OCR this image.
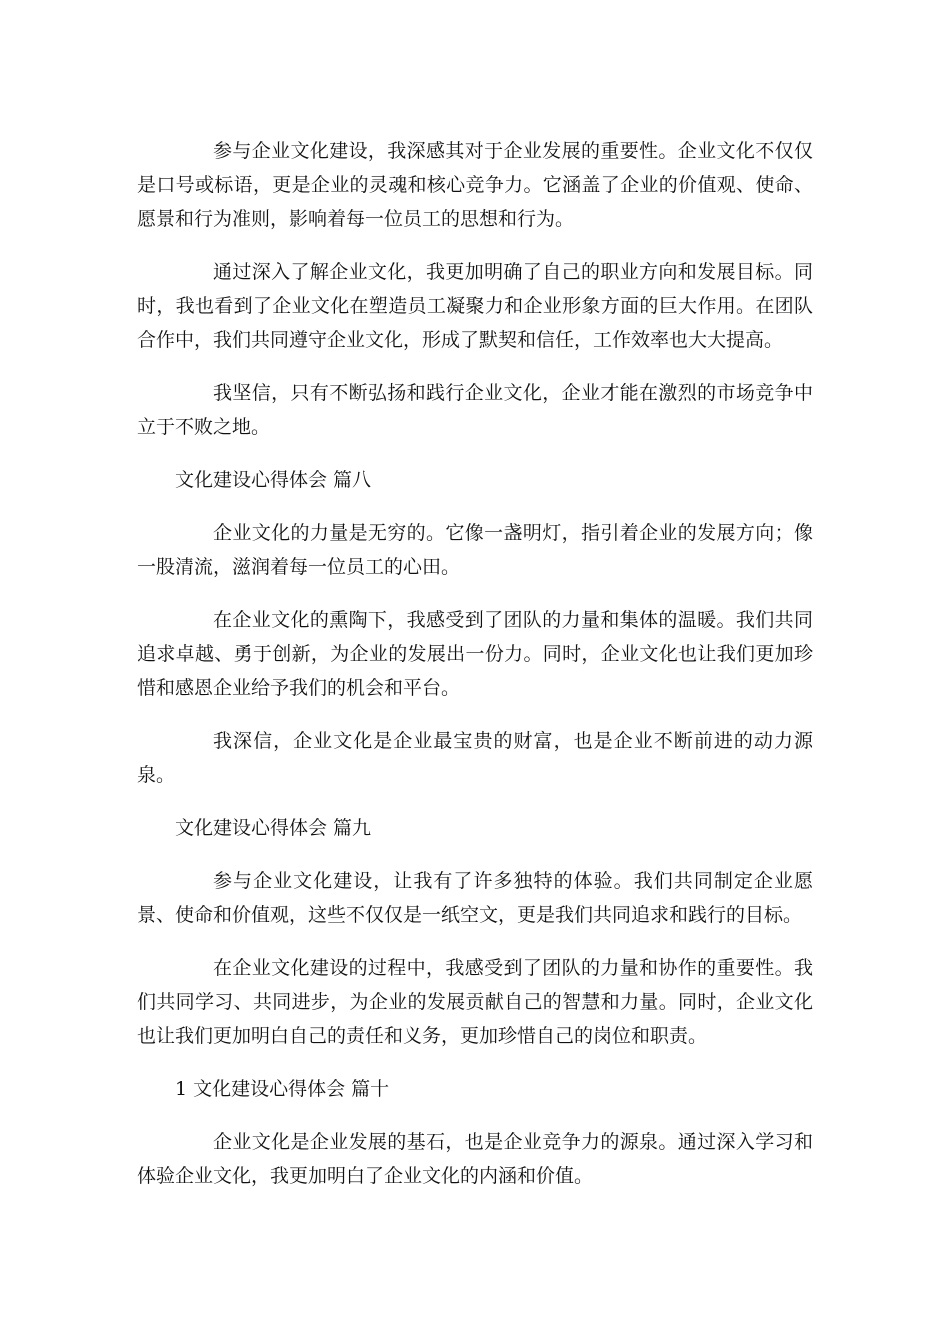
参与企业文化建设，我深感其对于企业发展的重要性。企业文化不仅仅是口号或标语，更是企业的灵魂和核心竞争力。它涵盖了企业的价值观、使命、愿景和行为准则，影响着每一位员工的思想和行为。

通过深入了解企业文化，我更加明确了自己的职业方向和发展目标。同时，我也看到了企业文化在塑造员工凝聚力和企业形象方面的巨大作用。在团队合作中，我们共同遵守企业文化，形成了默契和信任，工作效率也大大提高。

我坚信，只有不断弘扬和践行企业文化，企业才能在激烈的市场竞争中立于不败之地。

文化建设心得体会 篇八

企业文化的力量是无穷的。它像一盏明灯，指引着企业的发展方向；像一股清流，滋润着每一位员工的心田。

在企业文化的熏陶下，我感受到了团队的力量和集体的温暖。我们共同追求卓越、勇于创新，为企业的发展出一份力。同时，企业文化也让我们更加珍惜和感恩企业给予我们的机会和平台。

我深信，企业文化是企业最宝贵的财富，也是企业不断前进的动力源泉。

文化建设心得体会 篇九

参与企业文化建设，让我有了许多独特的体验。我们共同制定企业愿景、使命和价值观，这些不仅仅是一纸空文，更是我们共同追求和践行的目标。

在企业文化建设的过程中，我感受到了团队的力量和协作的重要性。我们共同学习、共同进步，为企业的发展贡献自己的智慧和力量。同时，企业文化也让我们更加明白自己的责任和义务，更加珍惜自己的岗位和职责。

1 文化建设心得体会 篇十

企业文化是企业发展的基石，也是企业竞争力的源泉。通过深入学习和体验企业文化，我更加明白了企业文化的内涵和价值。
